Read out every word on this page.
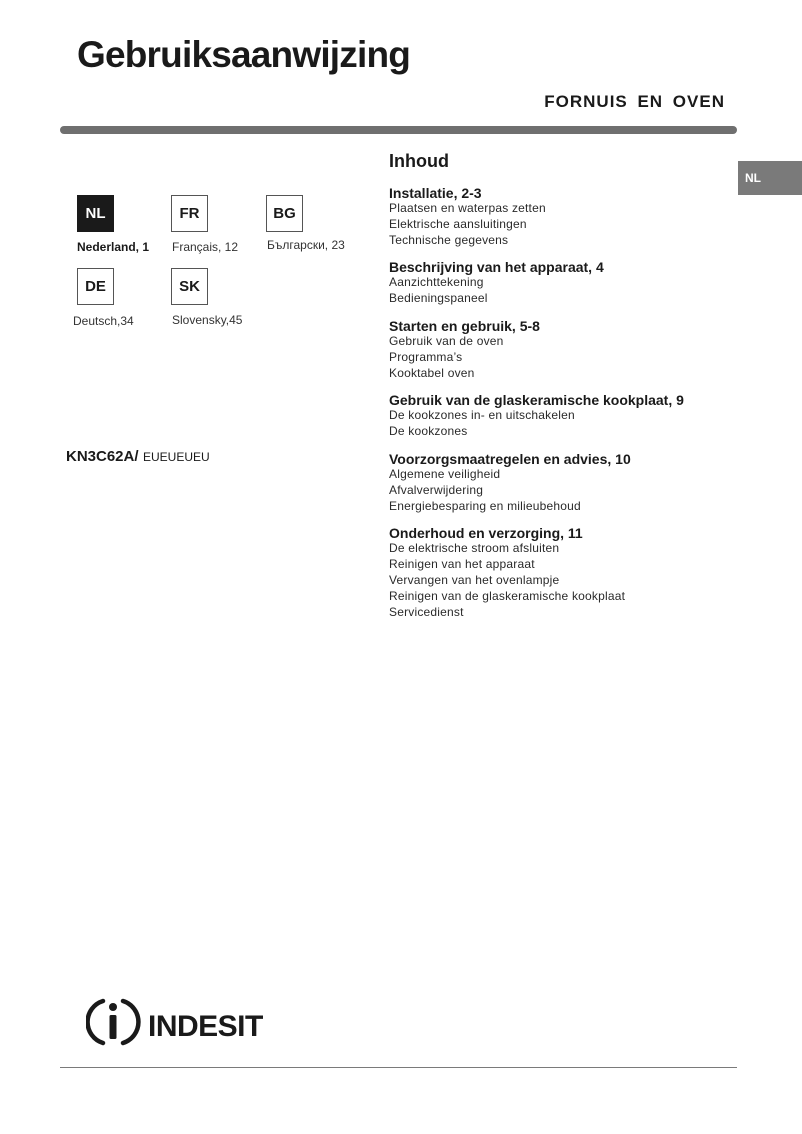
Gebruiksaanwijzing
FORNUIS EN OVEN
NL
NL
Nederland, 1
FR
Français, 12
BG
Български, 23
DE
Deutsch,34
SK
Slovensky,45
KN3C62A/ EUEUEUEU
Inhoud
Installatie, 2-3
Plaatsen en waterpas zetten
Elektrische aansluitingen
Technische gegevens
Beschrijving van het apparaat, 4
Aanzichttekening
Bedieningspaneel
Starten en gebruik, 5-8
Gebruik van de oven
Programma’s
Kooktabel oven
Gebruik van de glaskeramische kookplaat, 9
De kookzones in- en uitschakelen
De kookzones
Voorzorgsmaatregelen en advies, 10
Algemene veiligheid
Afvalverwijdering
Energiebesparing en milieubehoud
Onderhoud en verzorging, 11
De elektrische stroom afsluiten
Reinigen van het apparaat
Vervangen van het ovenlampje
Reinigen van de glaskeramische kookplaat
Servicedienst
INDESIT
